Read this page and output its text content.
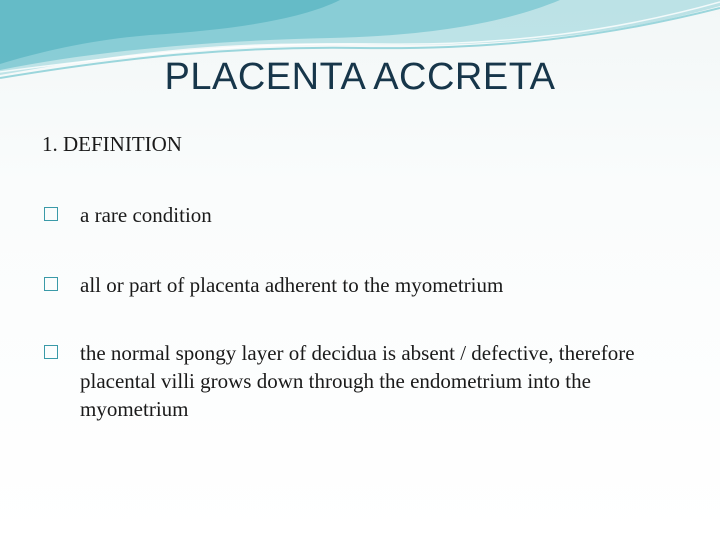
PLACENTA ACCRETA
1. DEFINITION
a rare condition
all or part of placenta adherent to the myometrium
the normal spongy layer of decidua is absent / defective, therefore placental villi grows down through the endometrium into the myometrium
